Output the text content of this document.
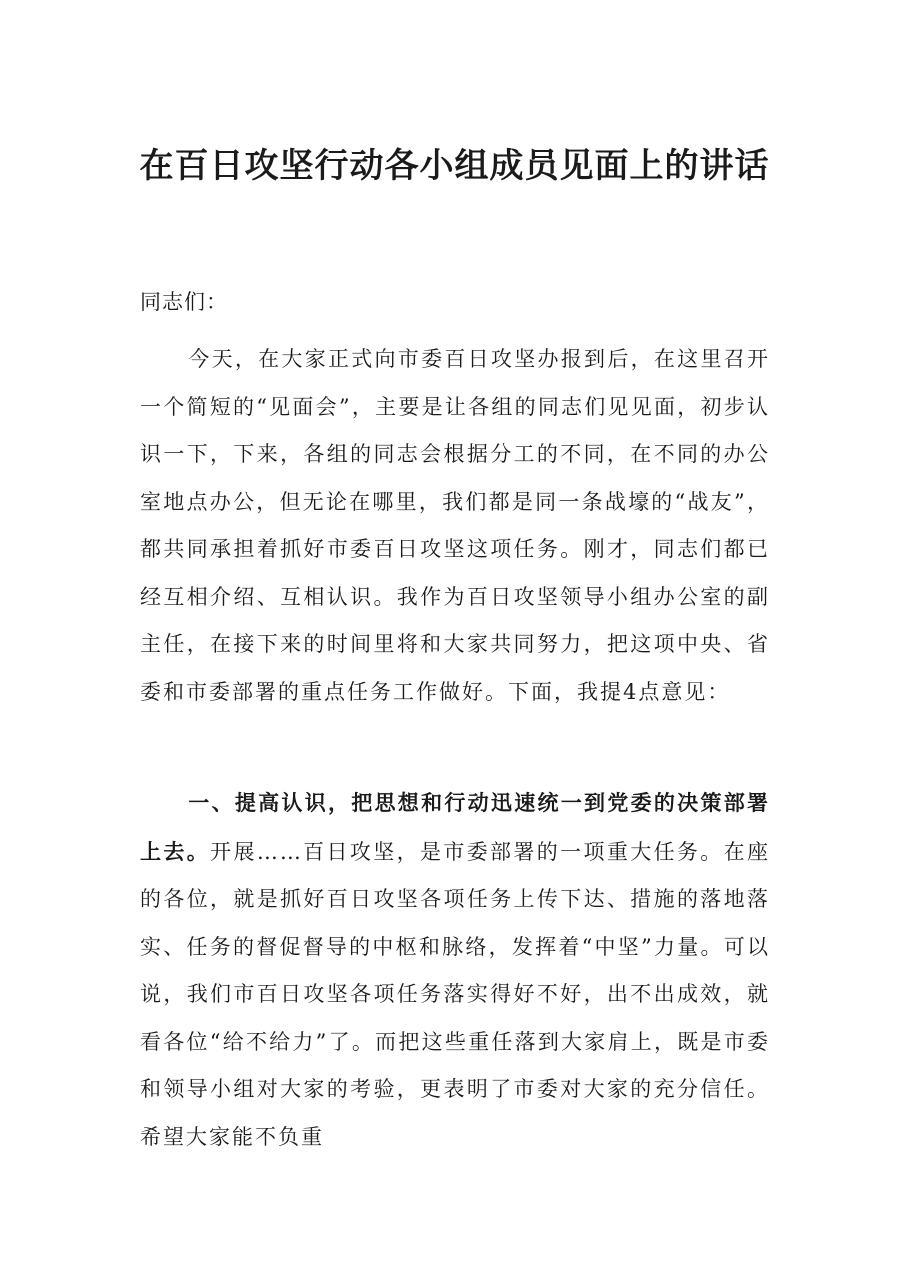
在百日攻坚行动各小组成员见面上的讲话

同志们：

今天，在大家正式向市委百日攻坚办报到后，在这里召开一个简短的“见面会”，主要是让各组的同志们见见面，初步认识一下，下来，各组的同志会根据分工的不同，在不同的办公室地点办公，但无论在哪里，我们都是同一条战壕的“战友”，都共同承担着抓好市委百日攻坚这项任务。刚才，同志们都已经互相介绍、互相认识。我作为百日攻坚领导小组办公室的副主任，在接下来的时间里将和大家共同努力，把这项中央、省委和市委部署的重点任务工作做好。下面，我提4点意见：

一、提高认识，把思想和行动迅速统一到党委的决策部署上去。开展……百日攻坚，是市委部署的一项重大任务。在座的各位，就是抓好百日攻坚各项任务上传下达、措施的落地落实、任务的督促督导的中枢和脉络，发挥着“中坚”力量。可以说，我们市百日攻坚各项任务落实得好不好，出不出成效，就看各位“给不给力”了。而把这些重任落到大家肩上，既是市委和领导小组对大家的考验，更表明了市委对大家的充分信任。希望大家能不负重
